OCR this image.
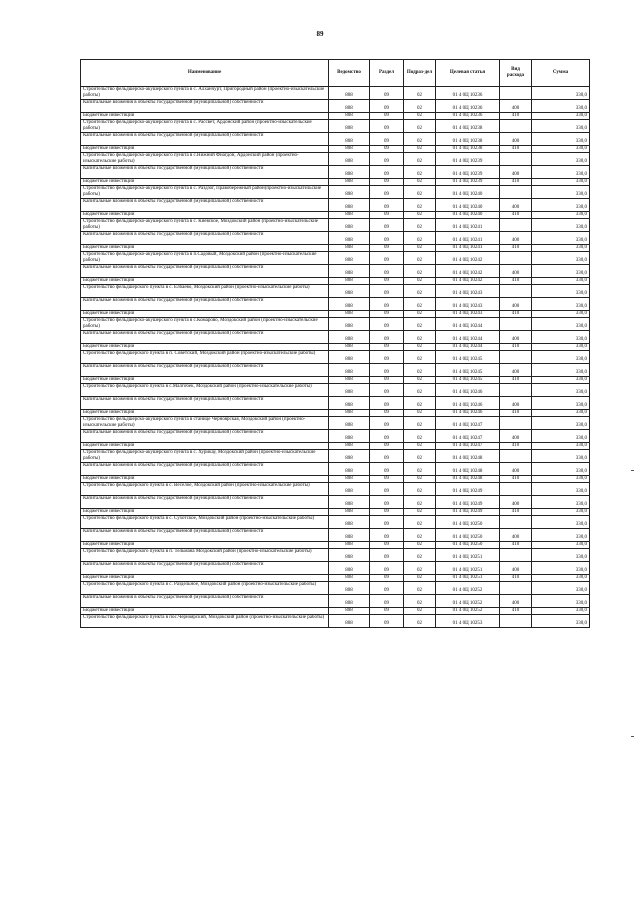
89
Наименование	Ведомство	Раздел	Подраз-дел	Целевая статья	Вид расхода	Сумма
Строительство фельдшерско-акушерского пункта в с. Алханчурт, Пригородный район (проектно-изыскательские работы)	808	09	02	01 4 0Ц 10236		330,0
Капитальные вложения в объекты государственной (муниципальной) собственности	808	09	02	01 4 0Ц 10236	400	330,0
Бюджетные инвестиции	808	09	02	01 4 0Ц 10236	410	330,0
Строительство фельдшерско-акушерского пункта в с. Рассвет, Ардонский район (проектно-изыскательские работы)	808	09	02	01 4 0Ц 10238		330,0
Капитальные вложения в объекты государственной (муниципальной) собственности	808	09	02	01 4 0Ц 10238	400	330,0
Бюджетные инвестиции	808	09	02	01 4 0Ц 10238	410	330,0
Строительство фельдшерско-акушерского пункта в с.Нижний Фиагдон, Ардонский район (проектно-изыскательские работы)	808	09	02	01 4 0Ц 10239		330,0
Капитальные вложения в объекты государственной (муниципальной) собственности	808	09	02	01 4 0Ц 10239	400	330,0
Бюджетные инвестиции	808	09	02	01 4 0Ц 10239	410	330,0
Строительство фельдшерско-акушерского пункта в с. Раздзог, Правобережный район(проектно-изыскательские работы)	808	09	02	01 4 0Ц 10240		330,0
Капитальные вложения в объекты государственной (муниципальной) собственности	808	09	02	01 4 0Ц 10240	400	330,0
Бюджетные инвестиции	808	09	02	01 4 0Ц 10240	410	330,0
Строительство фельдшерско-акушерского пункта в с. Киевское, Моздокский район (проектно-изыскательские работы)	808	09	02	01 4 0Ц 10241		330,0
Капитальные вложения в объекты государственной (муниципальной) собственности	808	09	02	01 4 0Ц 10241	400	330,0
Бюджетные инвестиции	808	09	02	01 4 0Ц 10241	410	330,0
Строительство фельдшерско-акушерского пункта в п.Садовый, Моздокский район (проектно-изыскательские работы)	808	09	02	01 4 0Ц 10242		330,0
Капитальные вложения в объекты государственной (муниципальной) собственности	808	09	02	01 4 0Ц 10242	400	330,0
Бюджетные инвестиции	808	09	02	01 4 0Ц 10242	410	330,0
Строительство фельдшерского пункта в с. Елбаево, Моздокский район (проектно-изыскательские работы)	808	09	02	01 4 0Ц 10243		330,0
Капитальные вложения в объекты государственной (муниципальной) собственности	808	09	02	01 4 0Ц 10243	400	330,0
Бюджетные инвестиции	808	09	02	01 4 0Ц 10243	410	330,0
Строительство фельдшерско-акушерского пункта в с.Комарово, Моздокский район (проектно-изыскательские работы)	808	09	02	01 4 0Ц 10244		330,0
Капитальные вложения в объекты государственной (муниципальной) собственности	808	09	02	01 4 0Ц 10244	400	330,0
Бюджетные инвестиции	808	09	02	01 4 0Ц 10244	410	330,0
Строительство фельдшерского пункта в п. Советский, Моздокский район (проектно-изыскательские работы)	808	09	02	01 4 0Ц 10245		330,0
Капитальные вложения в объекты государственной (муниципальной) собственности	808	09	02	01 4 0Ц 10245	400	330,0
Бюджетные инвестиции	808	09	02	01 4 0Ц 10245	410	330,0
Строительство фельдшерского пункта в с.Малгобек, Моздокский район (проектно-изыскательские работы)	808	09	02	01 4 0Ц 10246		330,0
Капитальные вложения в объекты государственной (муниципальной) собственности	808	09	02	01 4 0Ц 10246	400	330,0
Бюджетные инвестиции	808	09	02	01 4 0Ц 10246	410	330,0
Строительство фельдшерско-акушерского пункта в станице Черноярская, Моздокский район (проектно-изыскательские работы)	808	09	02	01 4 0Ц 10247		330,0
Капитальные вложения в объекты государственной (муниципальной) собственности	808	09	02	01 4 0Ц 10247	400	330,0
Бюджетные инвестиции	808	09	02	01 4 0Ц 10247	410	330,0
Строительство фельдшерско-акушерского пункта в с. Хурикау, Моздокский район (проектно-изыскательские работы)	808	09	02	01 4 0Ц 10248		330,0
Капитальные вложения в объекты государственной (муниципальной) собственности	808	09	02	01 4 0Ц 10248	400	330,0
Бюджетные инвестиции	808	09	02	01 4 0Ц 10248	410	330,0
Строительство фельдшерского пункта в с. Веселое, Моздокский район (проектно-изыскательские работы)	808	09	02	01 4 0Ц 10249		330,0
Капитальные вложения в объекты государственной (муниципальной) собственности	808	09	02	01 4 0Ц 10249	400	330,0
Бюджетные инвестиции	808	09	02	01 4 0Ц 10249	410	330,0
Строительство фельдшерского пункта в с. Сухотское, Моздокский район (проектно-изыскательские работы)	808	09	02	01 4 0Ц 10250		330,0
Капитальные вложения в объекты государственной (муниципальной) собственности	808	09	02	01 4 0Ц 10250	400	330,0
Бюджетные инвестиции	808	09	02	01 4 0Ц 10250	410	330,0
Строительство фельдшерского пункта в п. Тельмана Моздокский район (проектно-изыскательские работы)	808	09	02	01 4 0Ц 10251		330,0
Капитальные вложения в объекты государственной (муниципальной) собственности	808	09	02	01 4 0Ц 10251	400	330,0
Бюджетные инвестиции	808	09	02	01 4 0Ц 10251	410	330,0
Строительство фельдшерского пункта в с. Раздельное, Моздокский район (проектно-изыскательские работы)	808	09	02	01 4 0Ц 10252		330,0
Капитальные вложения в объекты государственной (муниципальной) собственности	808	09	02	01 4 0Ц 10252	400	330,0
Бюджетные инвестиции	808	09	02	01 4 0Ц 10252	410	330,0
Строительство фельдшерского пункта в пос.Черноярский, Моздокский район (проектно-изыскательские работы)	808	09	02	01 4 0Ц 10253		330,0
